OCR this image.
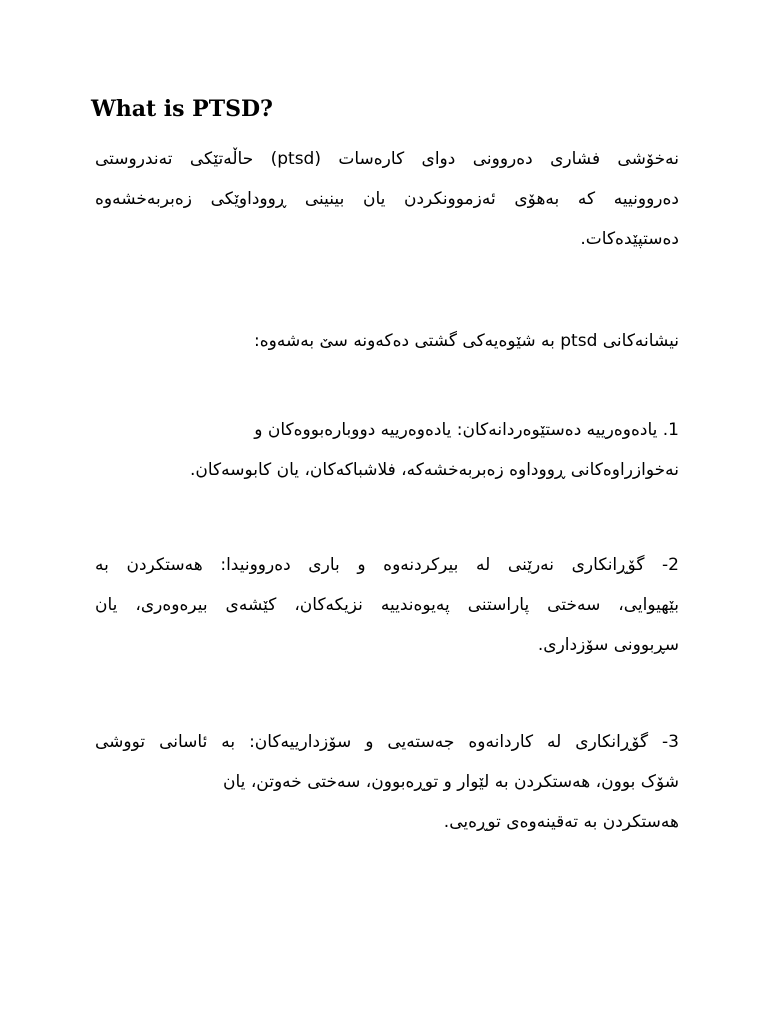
What is PTSD?

نەخۆشی فشاری دەروونی دوای کارەسات (ptsd) حاڵەتێکی تەندروستی
دەروونییە کە بەهۆی ئەزموونکردن یان بینینی ڕووداوێکی زەبربەخشەوە
دەستپێدەکات.

نیشانەکانی ptsd بە شێوەیەکی گشتی دەکەونە سێ بەشەوە:

1. یادەوەرییە دەستێوەردانەکان: یادەوەرییە دووبارەبووەکان و
نەخوازراوەکانی ڕووداوە زەبربەخشەکە، فلاشباکەکان، یان کابوسەکان.

2- گۆڕانکاری نەرێنی لە بیرکردنەوە و باری دەروونیدا: هەستکردن بە
بێهیوایی، سەختی پاراستنی پەیوەندییە نزیکەکان، کێشەی بیرەوەری، یان
سڕبوونی سۆزداری.

3- گۆڕانکاری لە کاردانەوە جەستەیی و سۆزدارییەکان: بە ئاسانی تووشی
شۆک بوون، هەستکردن بە لێوار و توڕەبوون، سەختی خەوتن، یان
هەستکردن بە تەقینەوەی توڕەیی.
